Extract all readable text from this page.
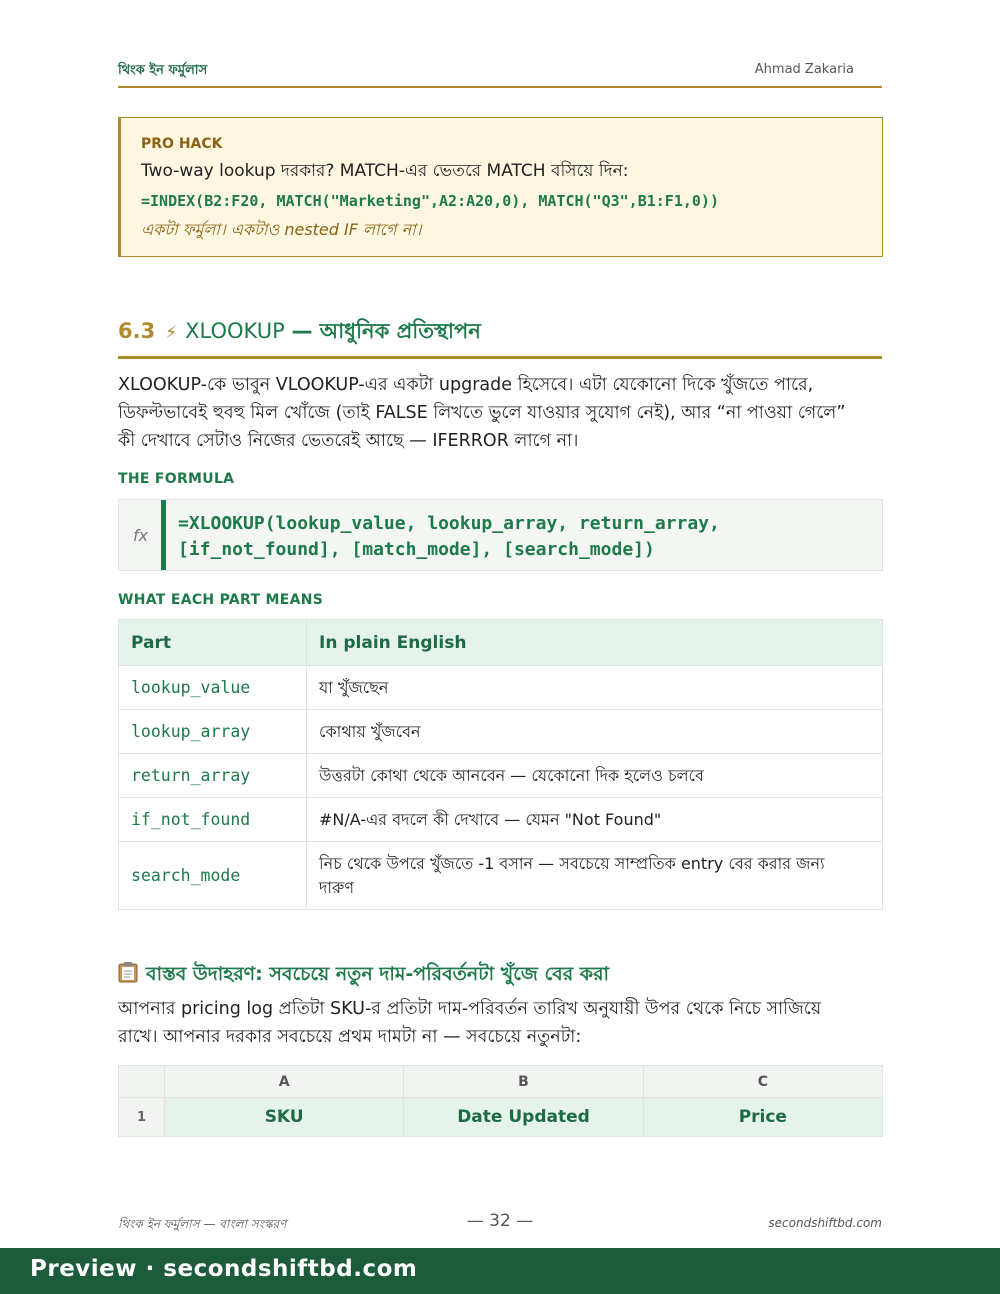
থিংক ইন ফর্মুলাস	Ahmad Zakaria
PRO HACK
Two-way lookup দরকার? MATCH-এর ভেতরে MATCH বসিয়ে দিন:
=INDEX(B2:F20, MATCH("Marketing",A2:A20,0), MATCH("Q3",B1:F1,0))
একটা ফর্মুলা। একটাও nested IF লাগে না।
6.3 ⚡ XLOOKUP — আধুনিক প্রতিস্থাপন
XLOOKUP-কে ভাবুন VLOOKUP-এর একটা upgrade হিসেবে। এটা যেকোনো দিকে খুঁজতে পারে,
ডিফল্টভাবেই হুবহু মিল খোঁজে (তাই FALSE লিখতে ভুলে যাওয়ার সুযোগ নেই), আর “না পাওয়া গেলে”
কী দেখাবে সেটাও নিজের ভেতরেই আছে — IFERROR লাগে না।
THE FORMULA
fx
=XLOOKUP(lookup_value, lookup_array, return_array,
[if_not_found], [match_mode], [search_mode])
WHAT EACH PART MEANS
Part	In plain English
lookup_value	যা খুঁজছেন
lookup_array	কোথায় খুঁজবেন
return_array	উত্তরটা কোথা থেকে আনবেন — যেকোনো দিক হলেও চলবে
if_not_found	#N/A-এর বদলে কী দেখাবে — যেমন "Not Found"
search_mode	নিচ থেকে উপরে খুঁজতে -1 বসান — সবচেয়ে সাম্প্রতিক entry বের করার জন্য
দারুণ
বাস্তব উদাহরণ: সবচেয়ে নতুন দাম-পরিবর্তনটা খুঁজে বের করা
আপনার pricing log প্রতিটা SKU-র প্রতিটা দাম-পরিবর্তন তারিখ অনুযায়ী উপর থেকে নিচে সাজিয়ে
রাখে। আপনার দরকার সবচেয়ে প্রথম দামটা না — সবচেয়ে নতুনটা:
	A	B	C
1	SKU	Date Updated	Price
থিংক ইন ফর্মুলাস — বাংলা সংস্করণ	— 32 —	secondshiftbd.com
Preview · secondshiftbd.com
